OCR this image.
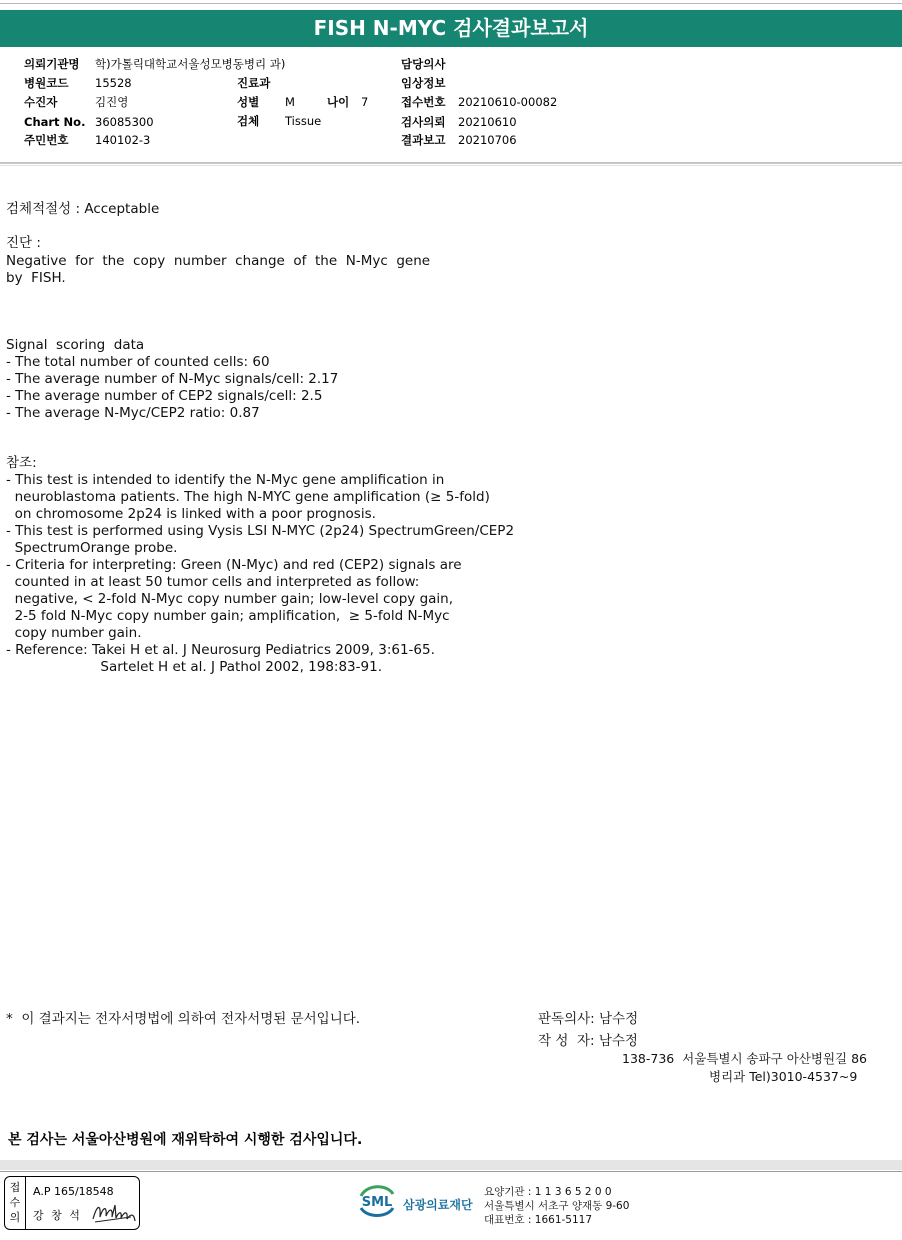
FISH N-MYC 검사결과보고서
의뢰기관명 학)가톨릭대학교서울성모병동병리 과)	담당의사
병원코드 15528	진료과	임상정보
수진자	김진영	성별 M	나이 7	접수번호 20210610-00082
Chart No. 36085300	검체 Tissue	검사의뢰 20210610
주민번호 140102-3	결과보고 20210706
검체적절성 : Acceptable
진단 :
Negative  for  the  copy  number  change  of  the  N-Myc  gene
by  FISH.
Signal  scoring  data
- The total number of counted cells: 60
- The average number of N-Myc signals/cell: 2.17
- The average number of CEP2 signals/cell: 2.5
- The average N-Myc/CEP2 ratio: 0.87
참조:
- This test is intended to identify the N-Myc gene amplification in
neuroblastoma patients. The high N-MYC gene amplification (≥ 5-fold)
on chromosome 2p24 is linked with a poor prognosis.
- This test is performed using Vysis LSI N-MYC (2p24) SpectrumGreen/CEP2
SpectrumOrange probe.
- Criteria for interpreting: Green (N-Myc) and red (CEP2) signals are
counted in at least 50 tumor cells and interpreted as follow:
negative, < 2-fold N-Myc copy number gain; low-level copy gain,
2-5 fold N-Myc copy number gain; amplification,  ≥ 5-fold N-Myc
copy number gain.
- Reference: Takei H et al. J Neurosurg Pediatrics 2009, 3:61-65.
Sartelet H et al. J Pathol 2002, 198:83-91.
*  이 결과지는 전자서명법에 의하여 전자서명된 문서입니다.	판독의사: 남수정
작 성  자: 남수정
138-736  서울특별시 송파구 아산병원길 86
병리과 Tel)3010-4537~9
본 검사는 서울아산병원에 재위탁하여 시행한 검사입니다.
접
수
의
A.P 165/18548
강 창 석
SML 삼광의료재단
요양기관 : 1 1 3 6 5 2 0 0
서울특별시 서초구 양재동 9-60
대표번호 : 1661-5117
